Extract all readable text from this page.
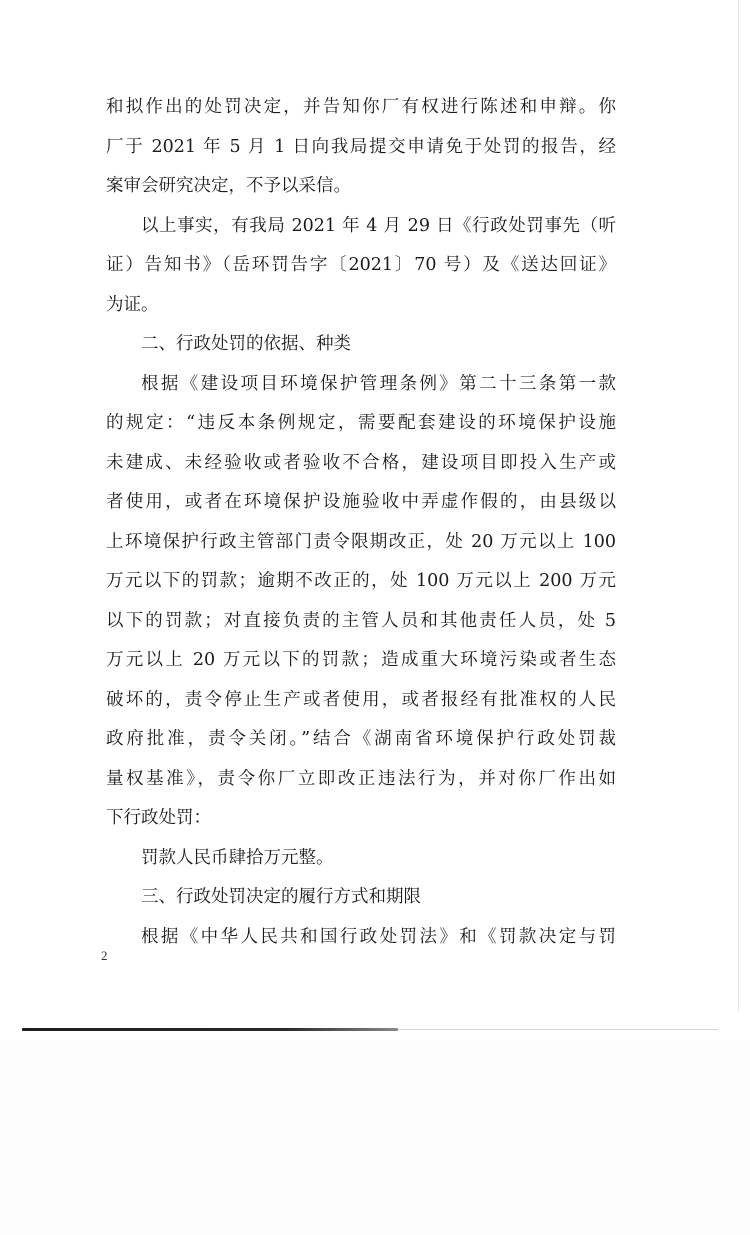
和拟作出的处罚决定，并告知你厂有权进行陈述和申辩。你
厂于 2021 年 5 月 1 日向我局提交申请免于处罚的报告，经
案审会研究决定，不予以采信。
以上事实，有我局 2021 年 4 月 29 日《行政处罚事先（听
证）告知书》（岳环罚告字〔2021〕70 号）及《送达回证》
为证。
二、行政处罚的依据、种类
根据《建设项目环境保护管理条例》第二十三条第一款
的规定：“违反本条例规定，需要配套建设的环境保护设施
未建成、未经验收或者验收不合格，建设项目即投入生产或
者使用，或者在环境保护设施验收中弄虚作假的，由县级以
上环境保护行政主管部门责令限期改正，处 20 万元以上 100
万元以下的罚款；逾期不改正的，处 100 万元以上 200 万元
以下的罚款；对直接负责的主管人员和其他责任人员，处 5
万元以上 20 万元以下的罚款；造成重大环境污染或者生态
破坏的，责令停止生产或者使用，或者报经有批准权的人民
政府批准，责令关闭。”结合《湖南省环境保护行政处罚裁
量权基准》，责令你厂立即改正违法行为，并对你厂作出如
下行政处罚：
罚款人民币肆拾万元整。
三、行政处罚决定的履行方式和期限
根据《中华人民共和国行政处罚法》和《罚款决定与罚
2
